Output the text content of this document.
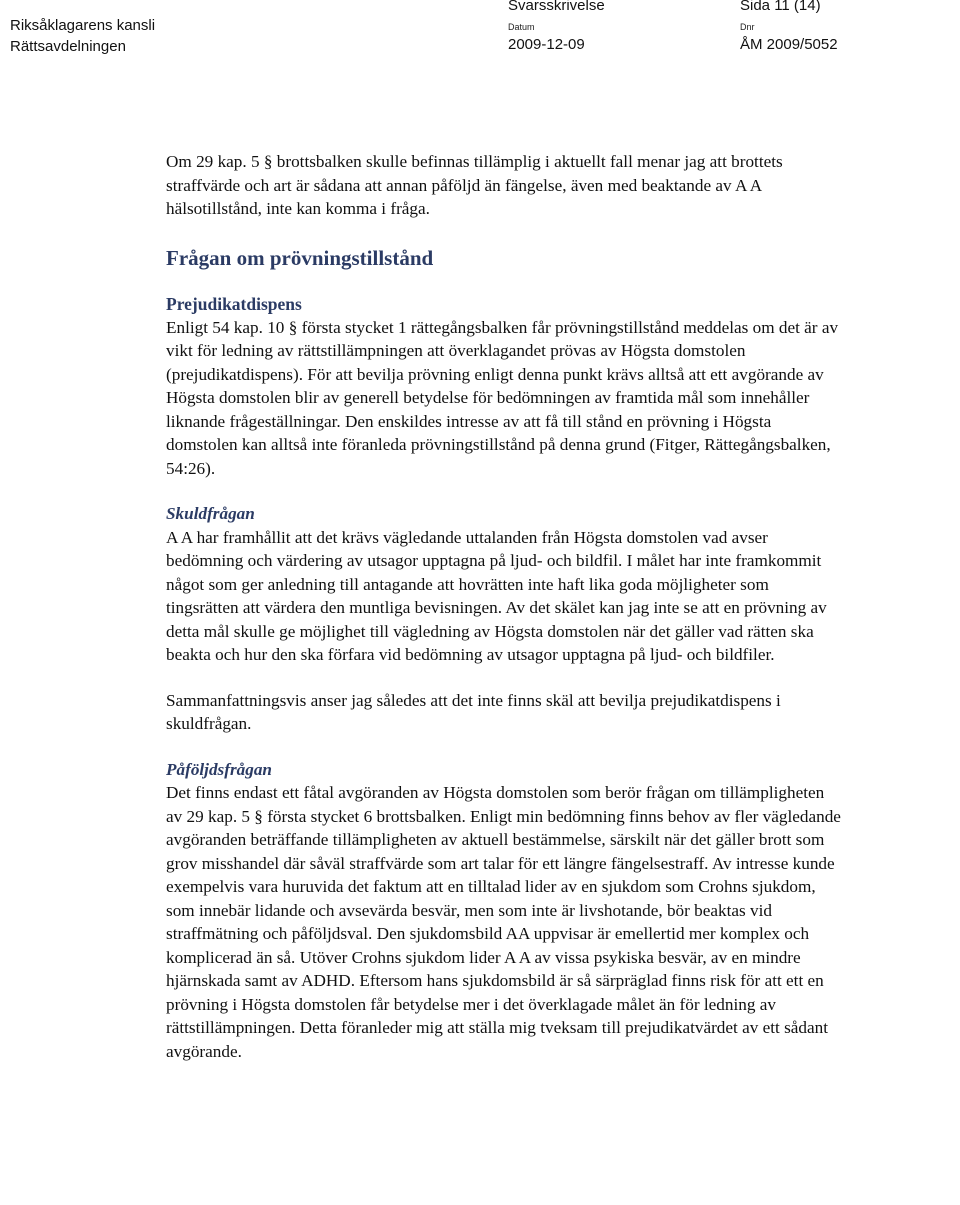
Riksåklagarens kansli
Rättsavdelningen
Svarsskrivelse	Sida 11 (14)
Datum
2009-12-09
Dnr
ÅM 2009/5052

Om 29 kap. 5 § brottsbalken skulle befinnas tillämplig i aktuellt fall menar jag att brottets straffvärde och art är sådana att annan påföljd än fängelse, även med beaktande av A A hälsotillstånd, inte kan komma i fråga.

Frågan om prövningstillstånd
Prejudikatdispens

Enligt 54 kap. 10 § första stycket 1 rättegångsbalken får prövningstillstånd meddelas om det är av vikt för ledning av rättstillämpningen att överklagandet prövas av Högsta domstolen (prejudikatdispens). För att bevilja prövning enligt denna punkt krävs alltså att ett avgörande av Högsta domstolen blir av generell betydelse för bedömningen av framtida mål som innehåller liknande frågeställningar. Den enskildes intresse av att få till stånd en prövning i Högsta domstolen kan alltså inte föranleda prövningstillstånd på denna grund (Fitger, Rättegångsbalken, 54:26).

Skuldfrågan

A A har framhållit att det krävs vägledande uttalanden från Högsta domstolen vad avser bedömning och värdering av utsagor upptagna på ljud- och bildfil. I målet har inte framkommit något som ger anledning till antagande att hovrätten inte haft lika goda möjligheter som tingsrätten att värdera den muntliga bevisningen. Av det skälet kan jag inte se att en prövning av detta mål skulle ge möjlighet till vägledning av Högsta domstolen när det gäller vad rätten ska beakta och hur den ska förfara vid bedömning av utsagor upptagna på ljud- och bildfiler.

Sammanfattningsvis anser jag således att det inte finns skäl att bevilja prejudikatdispens i skuldfrågan.

Påföljdsfrågan

Det finns endast ett fåtal avgöranden av Högsta domstolen som berör frågan om tillämpligheten av 29 kap. 5 § första stycket 6 brottsbalken. Enligt min bedömning finns behov av fler vägledande avgöranden beträffande tillämpligheten av aktuell bestämmelse, särskilt när det gäller brott som grov misshandel där såväl straffvärde som art talar för ett längre fängelsestraff. Av intresse kunde exempelvis vara huruvida det faktum att en tilltalad lider av en sjukdom som Crohns sjukdom, som innebär lidande och avsevärda besvär, men som inte är livshotande, bör beaktas vid straffmätning och påföljdsval. Den sjukdomsbild AA uppvisar är emellertid mer komplex och komplicerad än så. Utöver Crohns sjukdom lider A A av vissa psykiska besvär, av en mindre hjärnskada samt av ADHD. Eftersom hans sjukdomsbild är så särpräglad finns risk för att ett en prövning i Högsta domstolen får betydelse mer i det överklagade målet än för ledning av rättstillämpningen. Detta föranleder mig att ställa mig tveksam till prejudikatvärdet av ett sådant avgörande.
